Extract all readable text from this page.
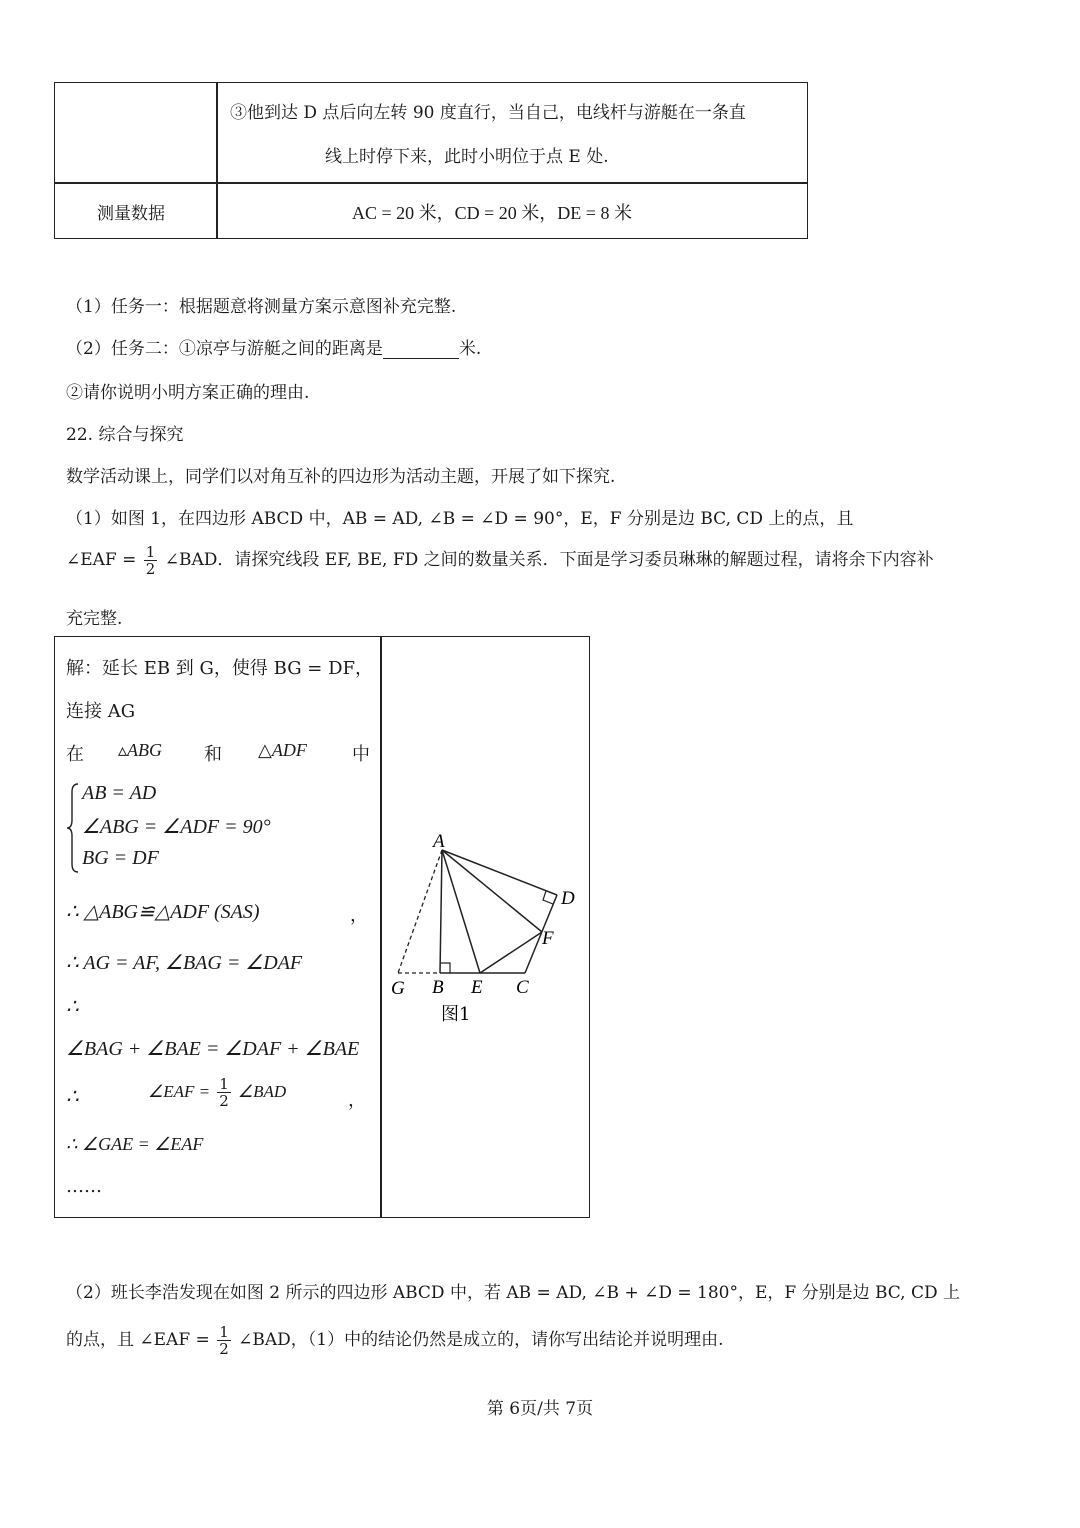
③他到达 D 点后向左转 90 度直行，当自己，电线杆与游艇在一条直
线上时停下来，此时小明位于点 E 处.
测量数据	AC = 20 米，CD = 20 米，DE = 8 米
（1）任务一：根据题意将测量方案示意图补充完整.
（2）任务二：①凉亭与游艇之间的距离是	米.
②请你说明小明方案正确的理由.
22. 综合与探究
数学活动课上，同学们以对角互补的四边形为活动主题，开展了如下探究.
（1）如图 1，在四边形 ABCD 中，AB = AD, ∠B = ∠D = 90°，E，F 分别是边 BC, CD 上的点，且
∠EAF = $\frac{1}{2}$ ∠BAD．请探究线段 EF, BE, FD 之间的数量关系．下面是学习委员琳琳的解题过程，请将余下内容补
充完整.
解：延长 EB 到 G，使得 BG = DF，
连接 AG
在 ▵ABG 和 △ADF	中
AB = AD
∠ABG = ∠ADF = 90°
BG = DF
∴ △ABG≌△ADF (SAS)	，
∴ AG = AF, ∠BAG = ∠DAF
∴
∠BAG + ∠BAE = ∠DAF + ∠BAE
∴	∠EAF = $\frac{1}{2}$ ∠BAD	，
∴ ∠GAE = ∠EAF
……
A
D
F
G B E C
图1
（2）班长李浩发现在如图 2 所示的四边形 ABCD 中，若 AB = AD, ∠B + ∠D = 180°，E，F 分别是边 BC, CD 上
的点，且 ∠EAF = $\frac{1}{2}$ ∠BAD，（1）中的结论仍然是成立的，请你写出结论并说明理由.
第 6页/共 7页
